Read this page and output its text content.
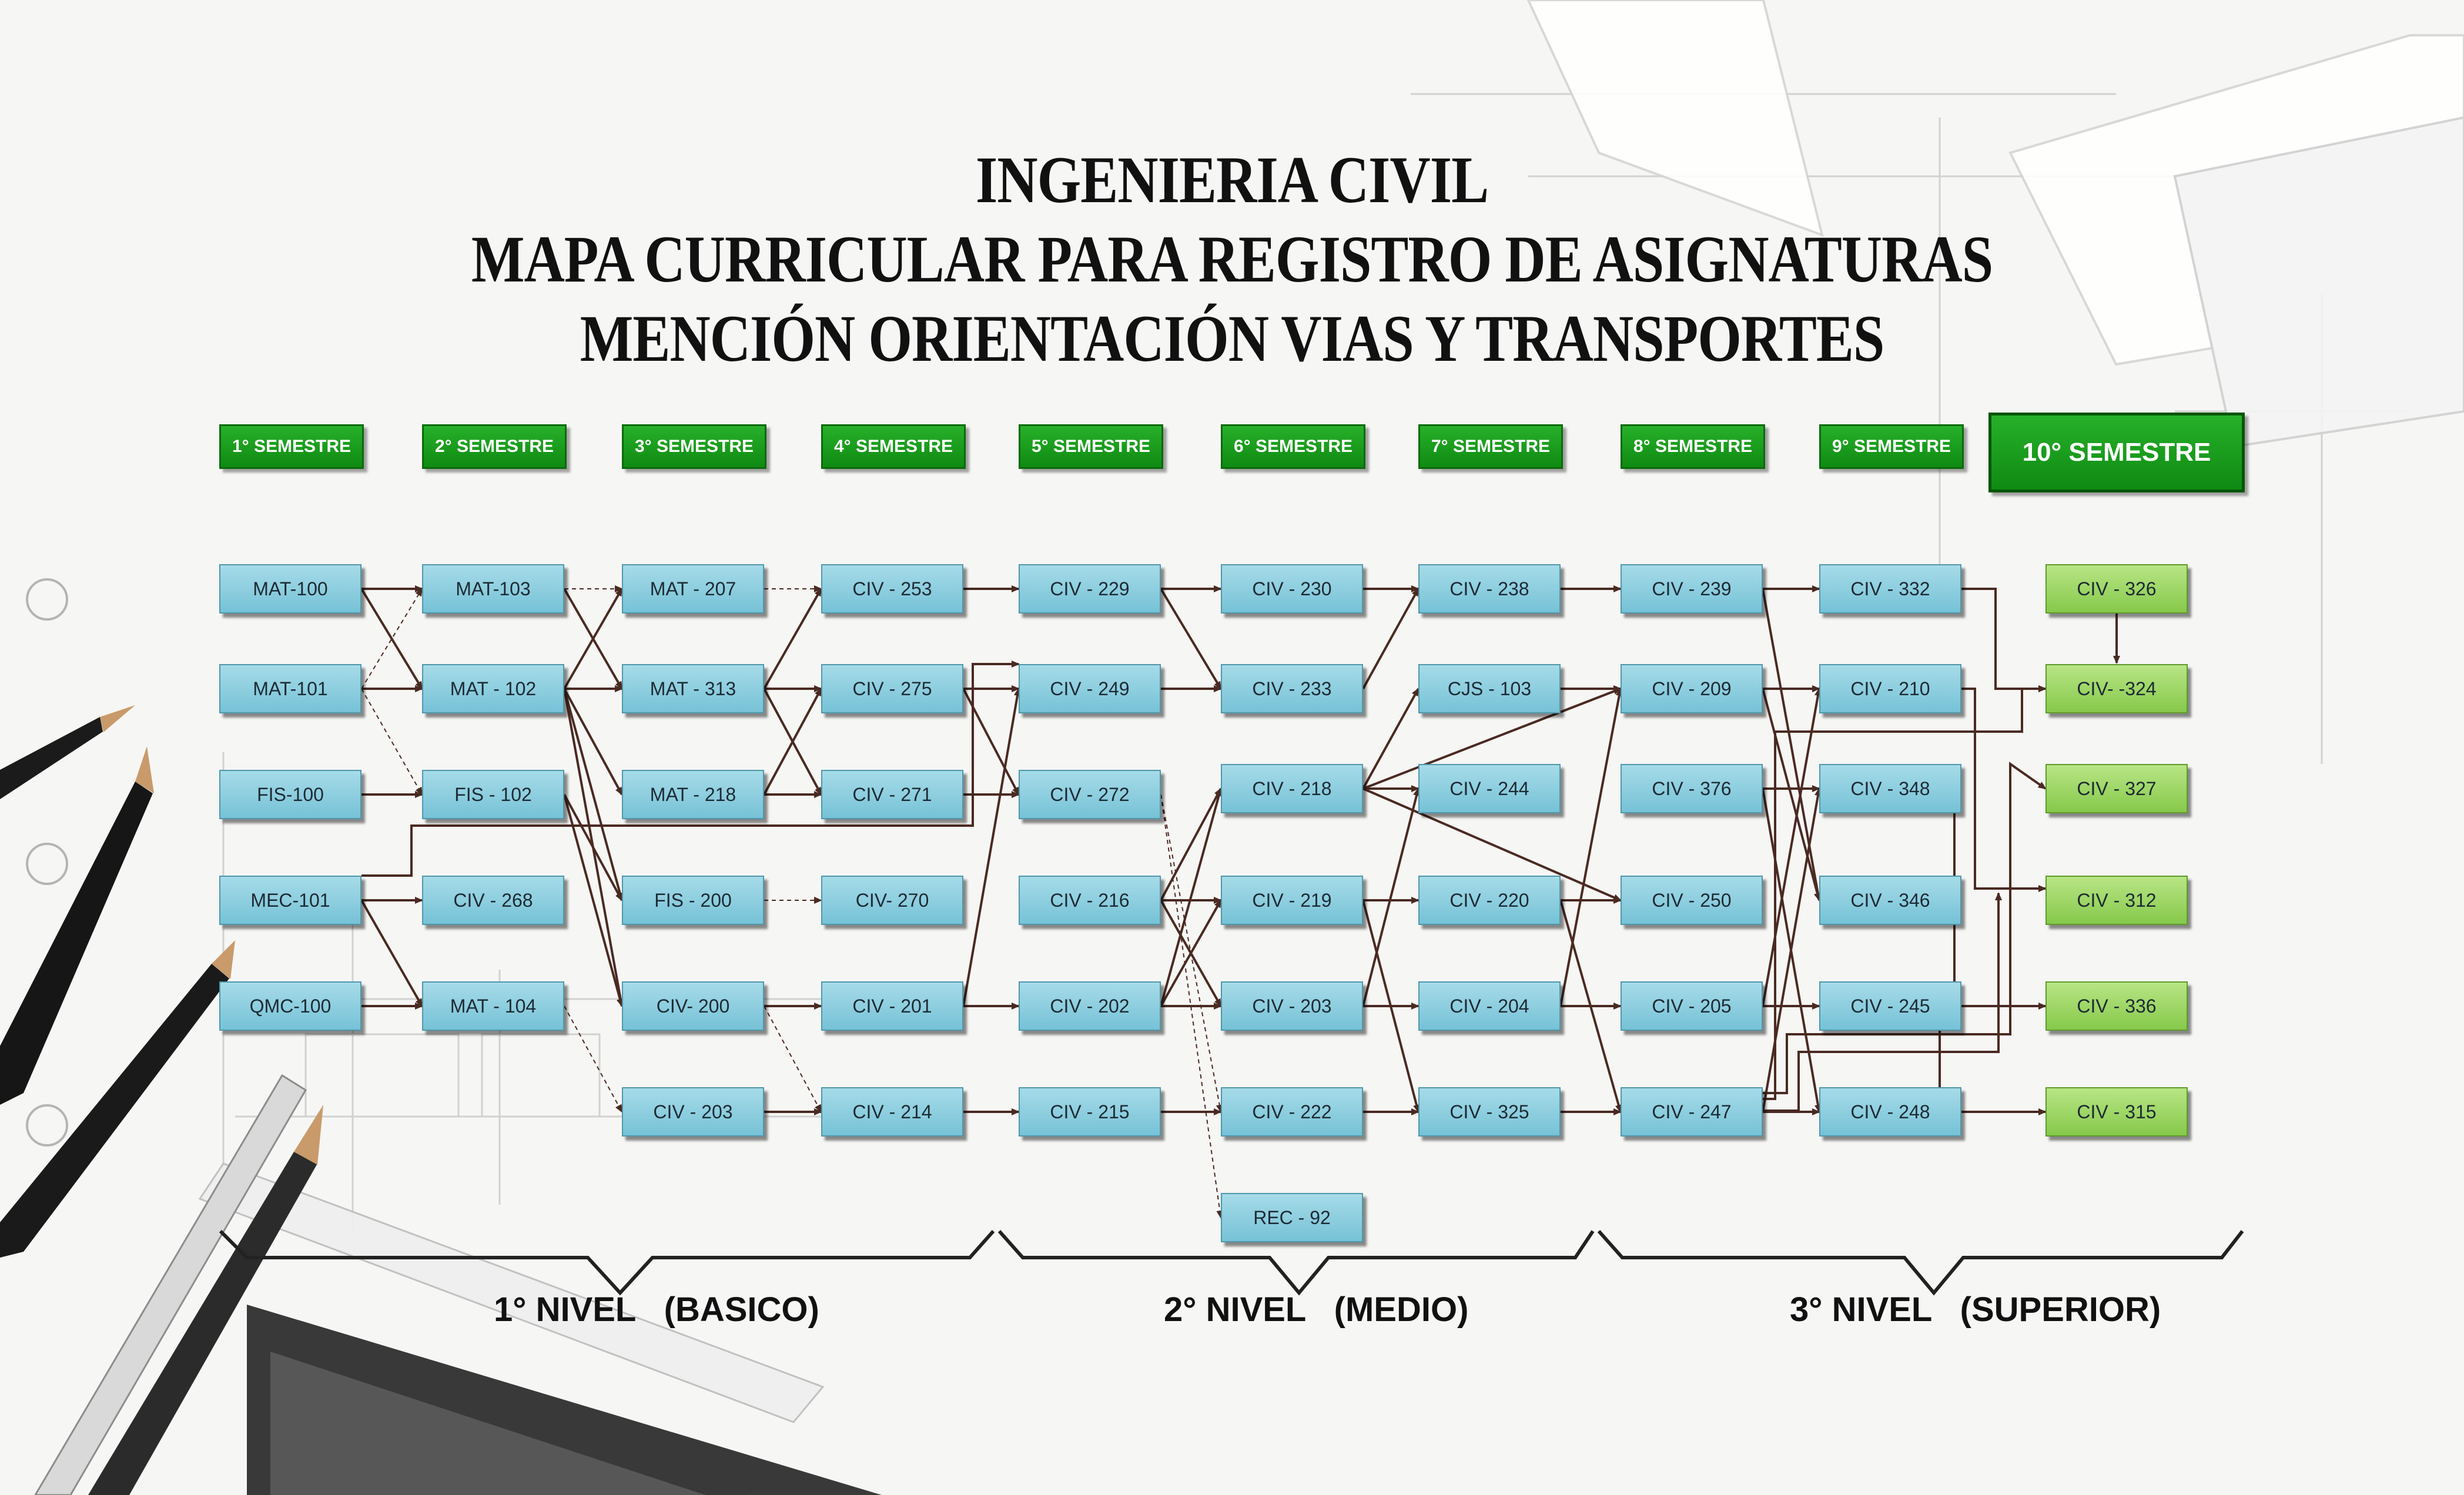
INGENIERIA CIVIL
MAPA CURRICULAR PARA REGISTRO DE ASIGNATURAS
MENCIÓN ORIENTACIÓN VIAS Y TRANSPORTES
1° SEMESTRE	2° SEMESTRE	3° SEMESTRE	4° SEMESTRE	5° SEMESTRE	6° SEMESTRE	7° SEMESTRE	8° SEMESTRE	9° SEMESTRE	10° SEMESTRE
MAT-100
MAT-101
FIS-100
MEC-101
QMC-100
MAT-103
MAT - 102
FIS - 102
CIV - 268
MAT - 104
MAT - 207
MAT - 313
MAT - 218
FIS - 200
CIV- 200
CIV - 203
CIV - 253
CIV - 275
CIV - 271
CIV- 270
CIV - 201
CIV - 214
CIV - 229
CIV - 249
CIV - 272
CIV - 216
CIV - 202
CIV - 215
CIV - 230
CIV - 233
CIV - 218
CIV - 219
CIV - 203
CIV - 222
REC - 92
CIV - 238
CJS - 103
CIV - 244
CIV - 220
CIV - 204
CIV - 325
CIV - 239
CIV - 209
CIV - 376
CIV - 250
CIV - 205
CIV - 247
CIV - 332
CIV - 210
CIV - 348
CIV - 346
CIV - 245
CIV - 248
CIV - 326
CIV- -324
CIV - 327
CIV - 312
CIV - 336
CIV - 315
1° NIVEL   (BASICO)	2° NIVEL   (MEDIO)	3° NIVEL   (SUPERIOR)
